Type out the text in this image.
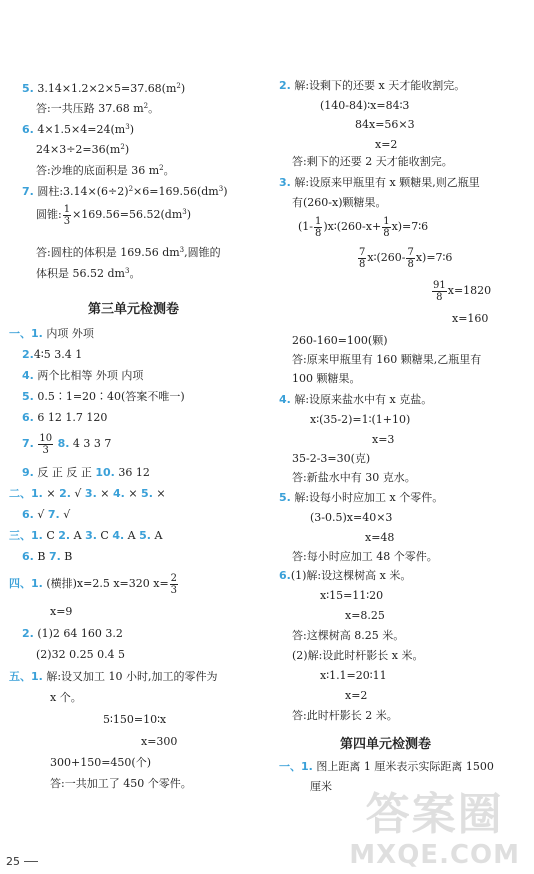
5. $3.14\times 1.2\times 2\times 5=37.68(m^2)$
答:一共压路 37.68 $m^2$。
6. $4\times 1.5\times 4=24(m^3)$
$24\times 3\div 2=36(m^2)$
答:沙堆的底面积是 36 $m^2$。
7. 圆柱$:3.14\times(6\div 2)^2\times 6=169.56(dm^3)$
圆锥: $\frac{1}{3} \times 169.56=56.52(dm^3)$
答:圆柱的体积是 169.56 $dm^3$,圆锥的
体积是 56.52 $dm^3$。
第三单元检测卷
一、1. 内项 外项
2.4∶5 3.4 1
4. 两个比相等 外项 内项
5. 0.5∶1=20∶40(答案不唯一)
6. 6 12 1.7 120
7. $\frac{10}{3} 8$. 4 3 3 7
9. 反 正 反 正 10. 36 12
二、1. × 2. √ 3. × 4. × 5. ×
6. √ 7. √
三、1. C 2. A 3. C 4. A 5. A
6. B 7. B
四、1. (横排)x=2.5 x=320 $x= \frac{2}{3}$
x=9
2. (1)2 64 160 3.2
(2)32 0.25 0.4 5
五、1. 解:设又加工 10 小时,加工的零件为
x 个。
5∶150=10∶x
x=300
300+150=450(个)
答:一共加工了 450 个零件。
2. 解:设剩下的还要 x 天才能收割完。
(140-84)∶x=84∶3
84x=56×3
x=2
答:剩下的还要 2 天才能收割完。
3. 解:设原来甲瓶里有 x 颗糖果,则乙瓶里
有(260-x)颗糖果。
($1- \frac{1}{8}$ )x∶(260-x+ $\frac{1}{8}$ x)=7∶6
$\frac{7}{8}$ x∶(260- $\frac{7}{8}$ x)=7∶6
$\frac{91}{8} x=1820$
x=160
260-160=100(颗)
答:原来甲瓶里有 160 颗糖果,乙瓶里有
100 颗糖果。
4. 解:设原来盐水中有 x 克盐。
x∶(35-2)=1∶(1+10)
x=3
35-2-3=30(克)
答:新盐水中有 30 克水。
5. 解:设每小时应加工 x 个零件。
(3-0.5)x=40×3
x=48
答:每小时应加工 48 个零件。
6.(1)解:设这棵树高 x 米。
x∶15=11∶20
x=8.25
答:这棵树高 8.25 米。
(2)解:设此时杆影长 x 米。
x∶1.1=20∶11
x=2
答:此时杆影长 2 米。
第四单元检测卷
一、1. 图上距离 1 厘米表示实际距离 1500
厘米
25
答案圈
MXQE.COM
